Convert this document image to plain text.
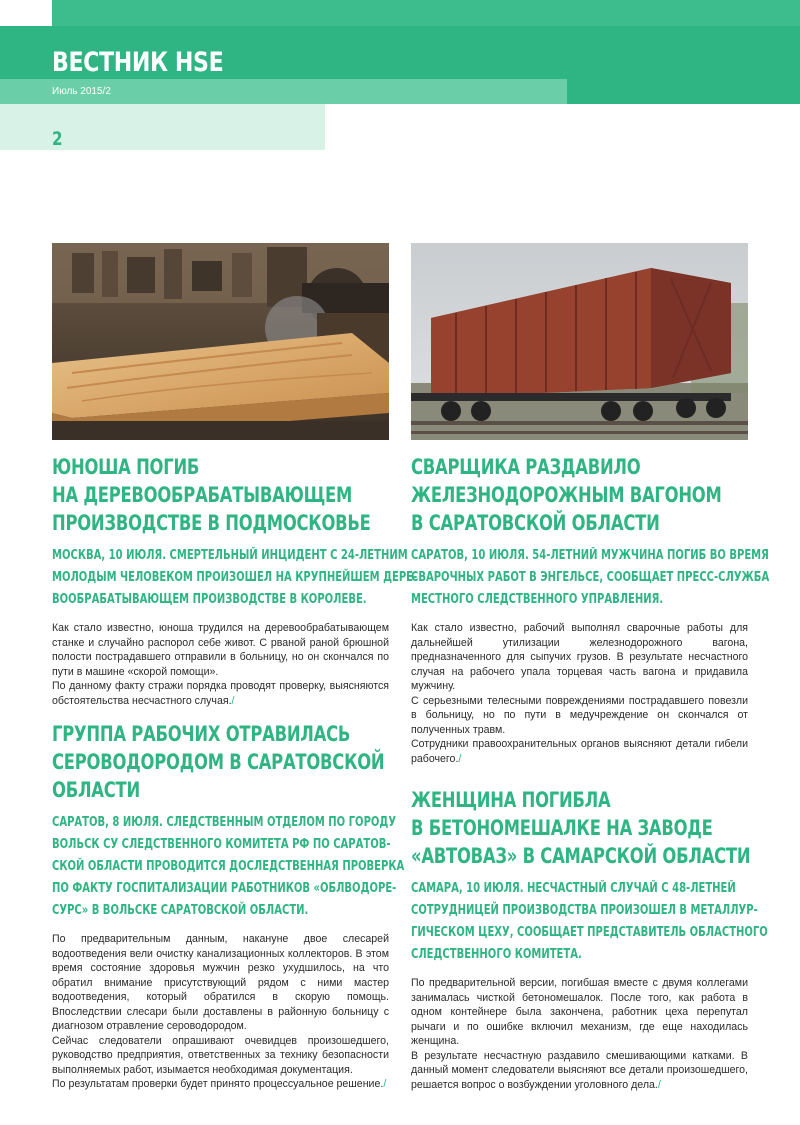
ВЕСТНИК HSE
Июль 2015/2
2
ЮНОША ПОГИБ
НА ДЕРЕВООБРАБАТЫВАЮЩЕМ
ПРОИЗВОДСТВЕ В ПОДМОСКОВЬЕ
МОСКВА, 10 ИЮЛЯ. СМЕРТЕЛЬНЫЙ ИНЦИДЕНТ С 24-ЛЕТНИМ
МОЛОДЫМ ЧЕЛОВЕКОМ ПРОИЗОШЕЛ НА КРУПНЕЙШЕМ ДЕРЕ-
ВООБРАБАТЫВАЮЩЕМ ПРОИЗВОДСТВЕ В КОРОЛЕВЕ.

Как стало известно, юноша трудился на деревообрабатывающем станке и случайно распорол себе живот. С рваной раной брюшной полости пострадавшего отправили в больницу, но он скончался по пути в машине «скорой помощи».

По данному факту стражи порядка проводят проверку, выясняются обстоятельства несчастного случая./

ГРУППА РАБОЧИХ ОТРАВИЛАСЬ
СЕРОВОДОРОДОМ В САРАТОВСКОЙ
ОБЛАСТИ
САРАТОВ, 8 ИЮЛЯ. СЛЕДСТВЕННЫМ ОТДЕЛОМ ПО ГОРОДУ
ВОЛЬСК СУ СЛЕДСТВЕННОГО КОМИТЕТА РФ ПО САРАТОВ-
СКОЙ ОБЛАСТИ ПРОВОДИТСЯ ДОСЛЕДСТВЕННАЯ ПРОВЕРКА
ПО ФАКТУ ГОСПИТАЛИЗАЦИИ РАБОТНИКОВ «ОБЛВОДОРЕ-
СУРС» В ВОЛЬСКЕ САРАТОВСКОЙ ОБЛАСТИ.

По предварительным данным, накануне двое слесарей водоотведения вели очистку канализационных коллекторов. В этом время состояние здоровья мужчин резко ухудшилось, на что обратил внимание присутствующий рядом с ними мастер водоотведения, который обратился в скорую помощь. Впоследствии слесари были доставлены в районную больницу с диагнозом отравление сероводородом.

Сейчас следователи опрашивают очевидцев произошедшего, руководство предприятия, ответственных за технику безопасности выполняемых работ, изымается необходимая документация.

По результатам проверки будет принято процессуальное решение./

СВАРЩИКА РАЗДАВИЛО
ЖЕЛЕЗНОДОРОЖНЫМ ВАГОНОМ
В САРАТОВСКОЙ ОБЛАСТИ
САРАТОВ, 10 ИЮЛЯ. 54-ЛЕТНИЙ МУЖЧИНА ПОГИБ ВО ВРЕМЯ
СВАРОЧНЫХ РАБОТ В ЭНГЕЛЬСЕ, СООБЩАЕТ ПРЕСС-СЛУЖБА
МЕСТНОГО СЛЕДСТВЕННОГО УПРАВЛЕНИЯ.

Как стало известно, рабочий выполнял сварочные работы для дальнейшей утилизации железнодорожного вагона, предназначенного для сыпучих грузов. В результате несчастного случая на рабочего упала торцевая часть вагона и придавила мужчину.

С серьезными телесными повреждениями пострадавшего повезли в больницу, но по пути в медучреждение он скончался от полученных травм.

Сотрудники правоохранительных органов выясняют детали гибели рабочего./

ЖЕНЩИНА ПОГИБЛА
В БЕТОНОМЕШАЛКЕ НА ЗАВОДЕ
«АВТОВАЗ» В САМАРСКОЙ ОБЛАСТИ
САМАРА, 10 ИЮЛЯ. НЕСЧАСТНЫЙ СЛУЧАЙ С 48-ЛЕТНЕЙ
СОТРУДНИЦЕЙ ПРОИЗВОДСТВА ПРОИЗОШЕЛ В МЕТАЛЛУР-
ГИЧЕСКОМ ЦЕХУ, СООБЩАЕТ ПРЕДСТАВИТЕЛЬ ОБЛАСТНОГО
СЛЕДСТВЕННОГО КОМИТЕТА.

По предварительной версии, погибшая вместе с двумя коллегами занималась чисткой бетономешалок. После того, как работа в одном контейнере была закончена, работник цеха перепутал рычаги и по ошибке включил механизм, где еще находилась женщина.

В результате несчастную раздавило смешивающими катками. В данный момент следователи выясняют все детали произошедшего, решается вопрос о возбуждении уголовного дела./
